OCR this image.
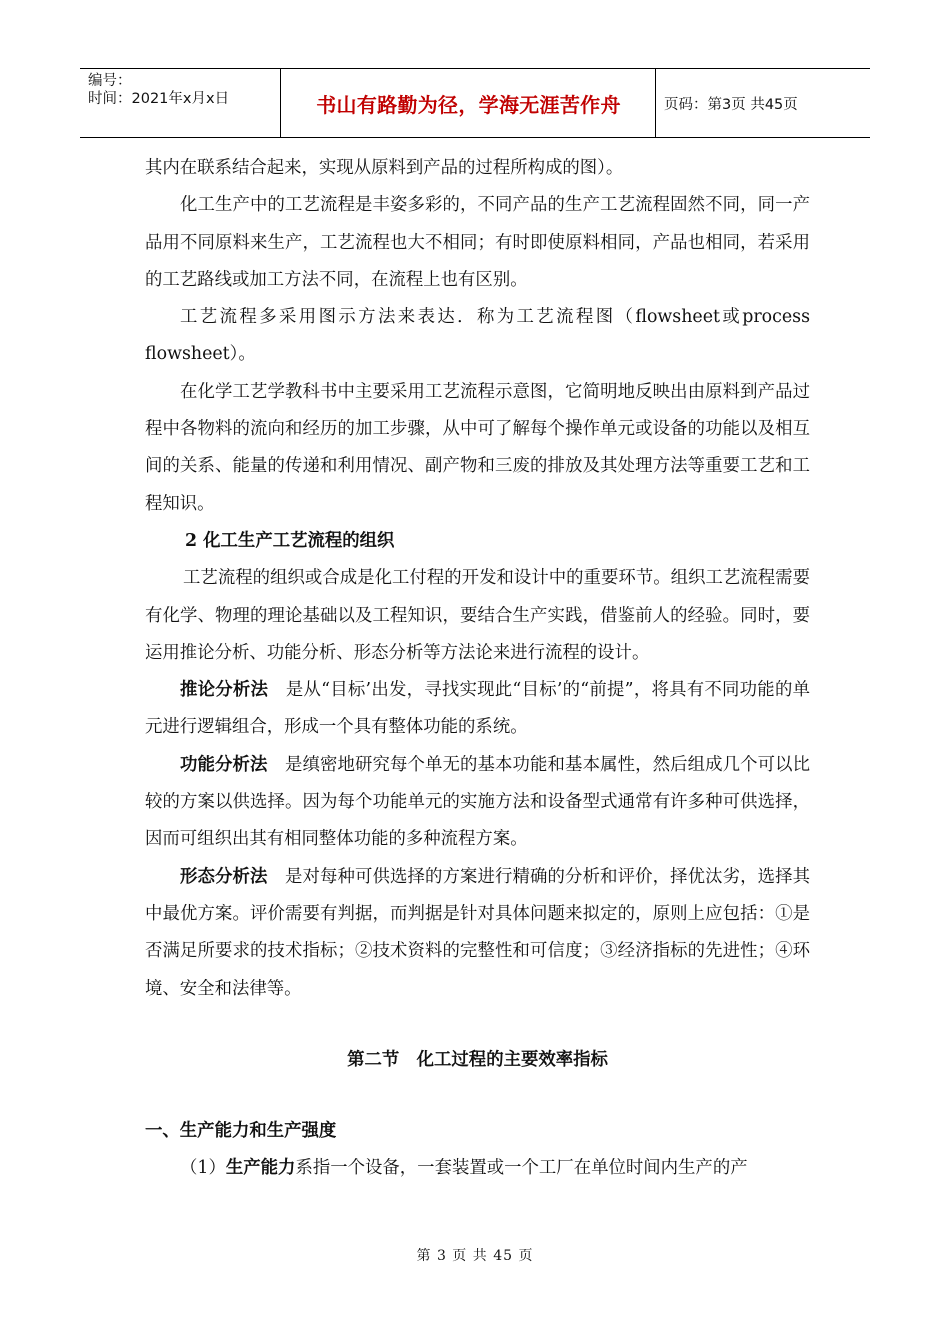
编号：
时间：2021年x月x日	书山有路勤为径，学海无涯苦作舟	页码：第3页 共45页

其内在联系结合起来，实现从原料到产品的过程所构成的图）。

化工生产中的工艺流程是丰姿多彩的，不同产品的生产工艺流程固然不同，同一产品用不同原料来生产，工艺流程也大不相同；有时即使原料相同，产品也相同，若采用的工艺路线或加工方法不同，在流程上也有区别。

工艺流程多采用图示方法来表达．称为工艺流程图（flowsheet或process flowsheet）。

在化学工艺学教科书中主要采用工艺流程示意图，它简明地反映出由原料到产品过程中各物料的流向和经历的加工步骤，从中可了解每个操作单元或设备的功能以及相互间的关系、能量的传递和利用情况、副产物和三废的排放及其处理方法等重要工艺和工程知识。

2 化工生产工艺流程的组织

工艺流程的组织或合成是化工付程的开发和设计中的重要环节。组织工艺流程需要有化学、物理的理论基础以及工程知识，要结合生产实践，借鉴前人的经验。同时，要运用推论分析、功能分析、形态分析等方法论来进行流程的设计。

推论分析法　 是从“目标’出发，寻找实现此“目标’的“前提”，将具有不同功能的单元进行逻辑组合，形成一个具有整体功能的系统。

功能分析法　 是缜密地研究每个单无的基本功能和基本属性，然后组成几个可以比较的方案以供选择。因为每个功能单元的实施方法和设备型式通常有许多种可供选择，因而可组织出其有相同整体功能的多种流程方案。

形态分析法　 是对每种可供选择的方案进行精确的分析和评价，择优汰劣，选择其中最优方案。评价需要有判据，而判据是针对具体问题来拟定的，原则上应包括：①是否满足所要求的技术指标；②技术资料的完整性和可信度；③经济指标的先进性；④环境、安全和法律等。

第二节　化工过程的主要效率指标

一、生产能力和生产强度

（1）生产能力系指一个设备，一套装置或一个工厂在单位时间内生产的产

第 3 页 共 45 页
